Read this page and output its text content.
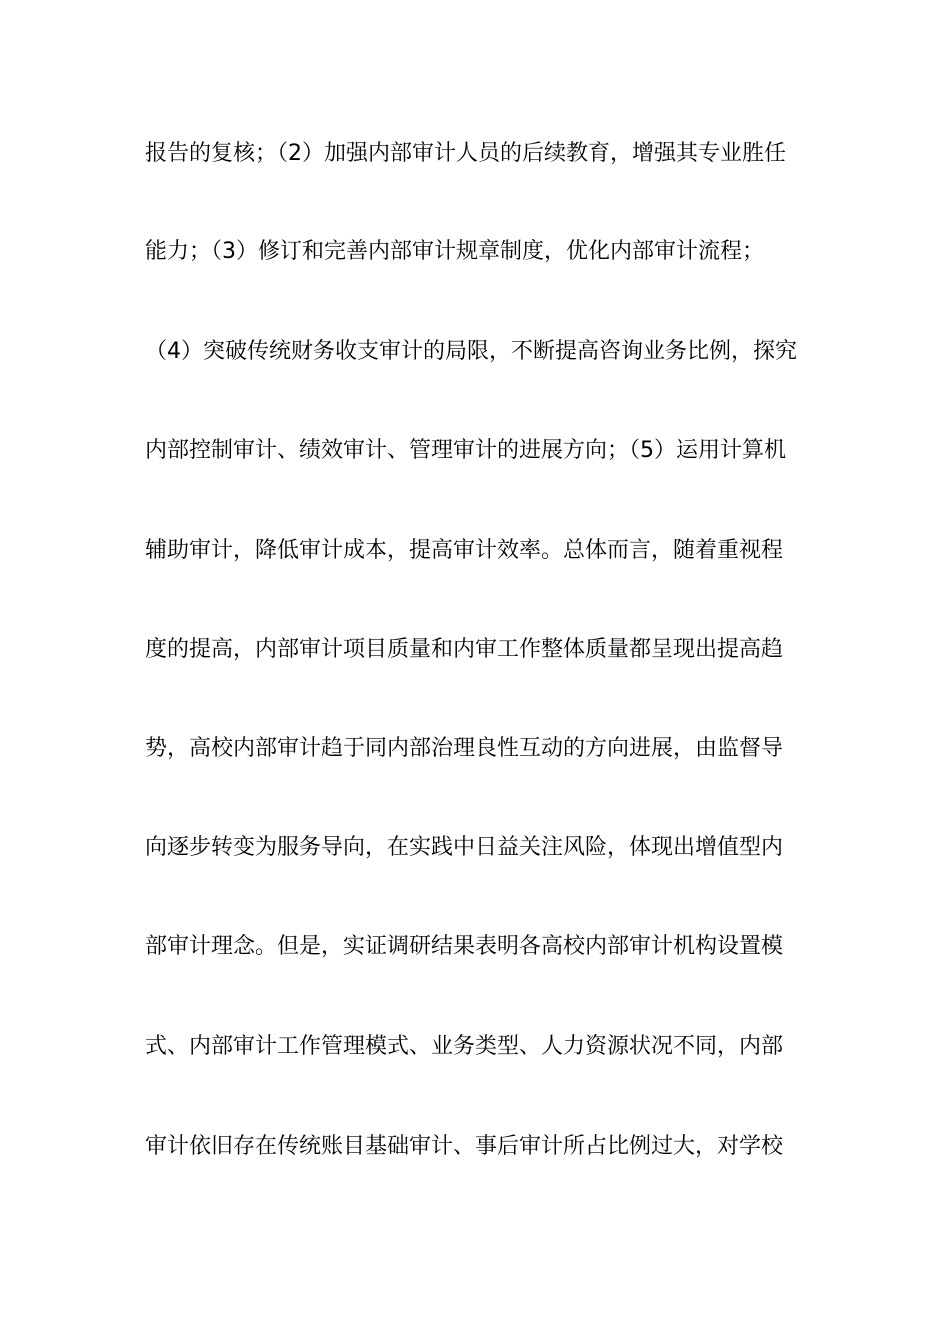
报告的复核；（2）加强内部审计人员的后续教育，增强其专业胜任
能力；（3）修订和完善内部审计规章制度，优化内部审计流程；
（4）突破传统财务收支审计的局限，不断提高咨询业务比例，探究
内部控制审计、绩效审计、管理审计的进展方向；（5）运用计算机
辅助审计，降低审计成本，提高审计效率。总体而言，随着重视程
度的提高，内部审计项目质量和内审工作整体质量都呈现出提高趋
势，高校内部审计趋于同内部治理良性互动的方向进展，由监督导
向逐步转变为服务导向，在实践中日益关注风险，体现出增值型内
部审计理念。但是，实证调研结果表明各高校内部审计机构设置模
式、内部审计工作管理模式、业务类型、人力资源状况不同，内部
审计依旧存在传统账目基础审计、事后审计所占比例过大，对学校
